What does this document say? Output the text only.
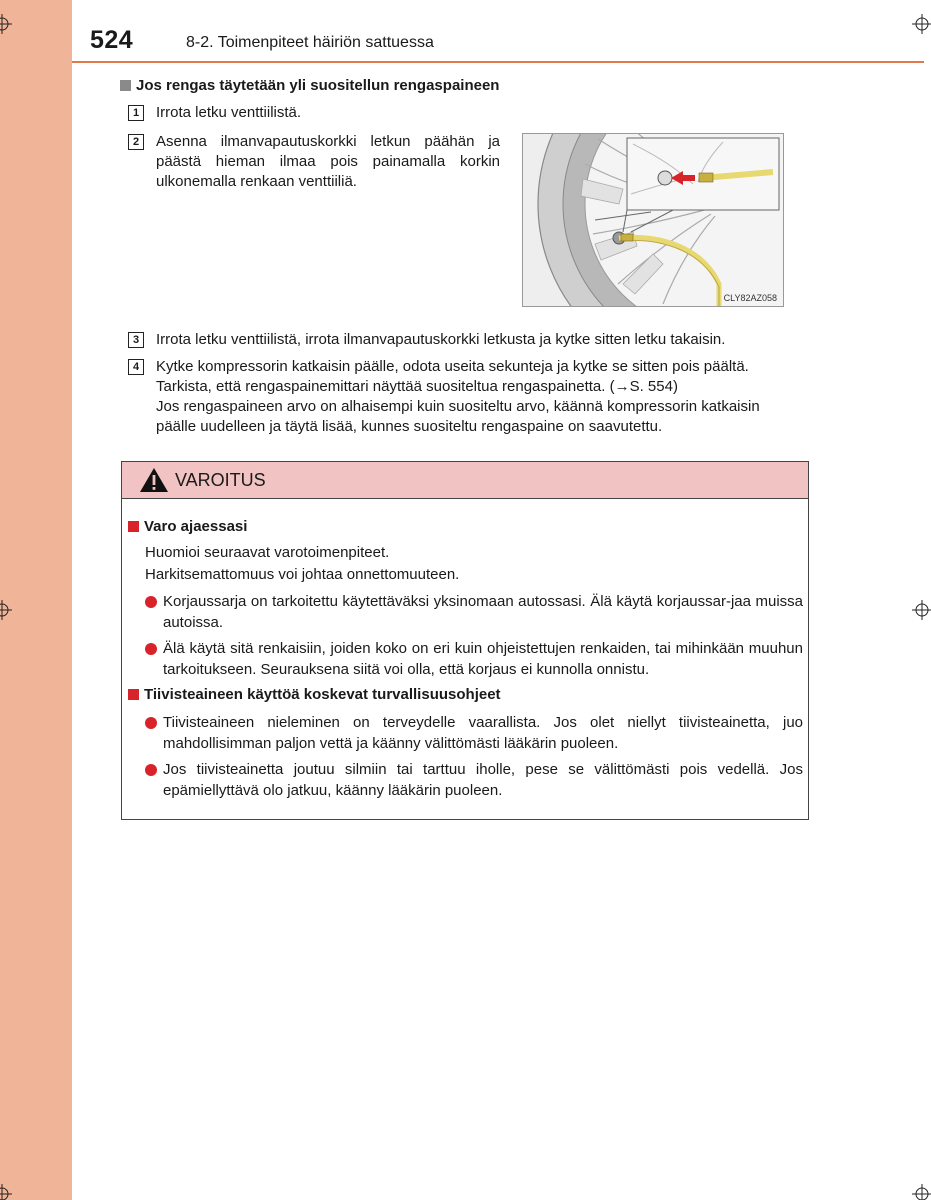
524	8-2. Toimenpiteet häiriön sattuessa
Jos rengas täytetään yli suositellun rengaspaineen
1	Irrota letku venttiilistä.
2	Asenna ilmanvapautuskorkki letkun päähän ja päästä hieman ilmaa pois painamalla korkin ulkonemalla renkaan venttiiliä.
3	Irrota letku venttiilistä, irrota ilmanvapautuskorkki letkusta ja kytke sitten letku takaisin.
4	Kytke kompressorin katkaisin päälle, odota useita sekunteja ja kytke se sitten pois päältä.
Tarkista, että rengaspainemittari näyttää suositeltua rengaspainetta. (→S. 554)
Jos rengaspaineen arvo on alhaisempi kuin suositeltu arvo, käännä kompressorin katkaisin
päälle uudelleen ja täytä lisää, kunnes suositeltu rengaspaine on saavutettu.
CLY82AZ058
VAROITUS
Varo ajaessasi
Huomioi seuraavat varotoimenpiteet.
Harkitsemattomuus voi johtaa onnettomuuteen.
Korjaussarja on tarkoitettu käytettäväksi yksinomaan autossasi. Älä käytä korjaussar-jaa muissa autoissa.
Älä käytä sitä renkaisiin, joiden koko on eri kuin ohjeistettujen renkaiden, tai mihinkään muuhun tarkoitukseen. Seurauksena siitä voi olla, että korjaus ei kunnolla onnistu.
Tiivisteaineen käyttöä koskevat turvallisuusohjeet
Tiivisteaineen nieleminen on terveydelle vaarallista. Jos olet niellyt tiivisteainetta, juo mahdollisimman paljon vettä ja käänny välittömästi lääkärin puoleen.
Jos tiivisteainetta joutuu silmiin tai tarttuu iholle, pese se välittömästi pois vedellä. Jos epämiellyttävä olo jatkuu, käänny lääkärin puoleen.
